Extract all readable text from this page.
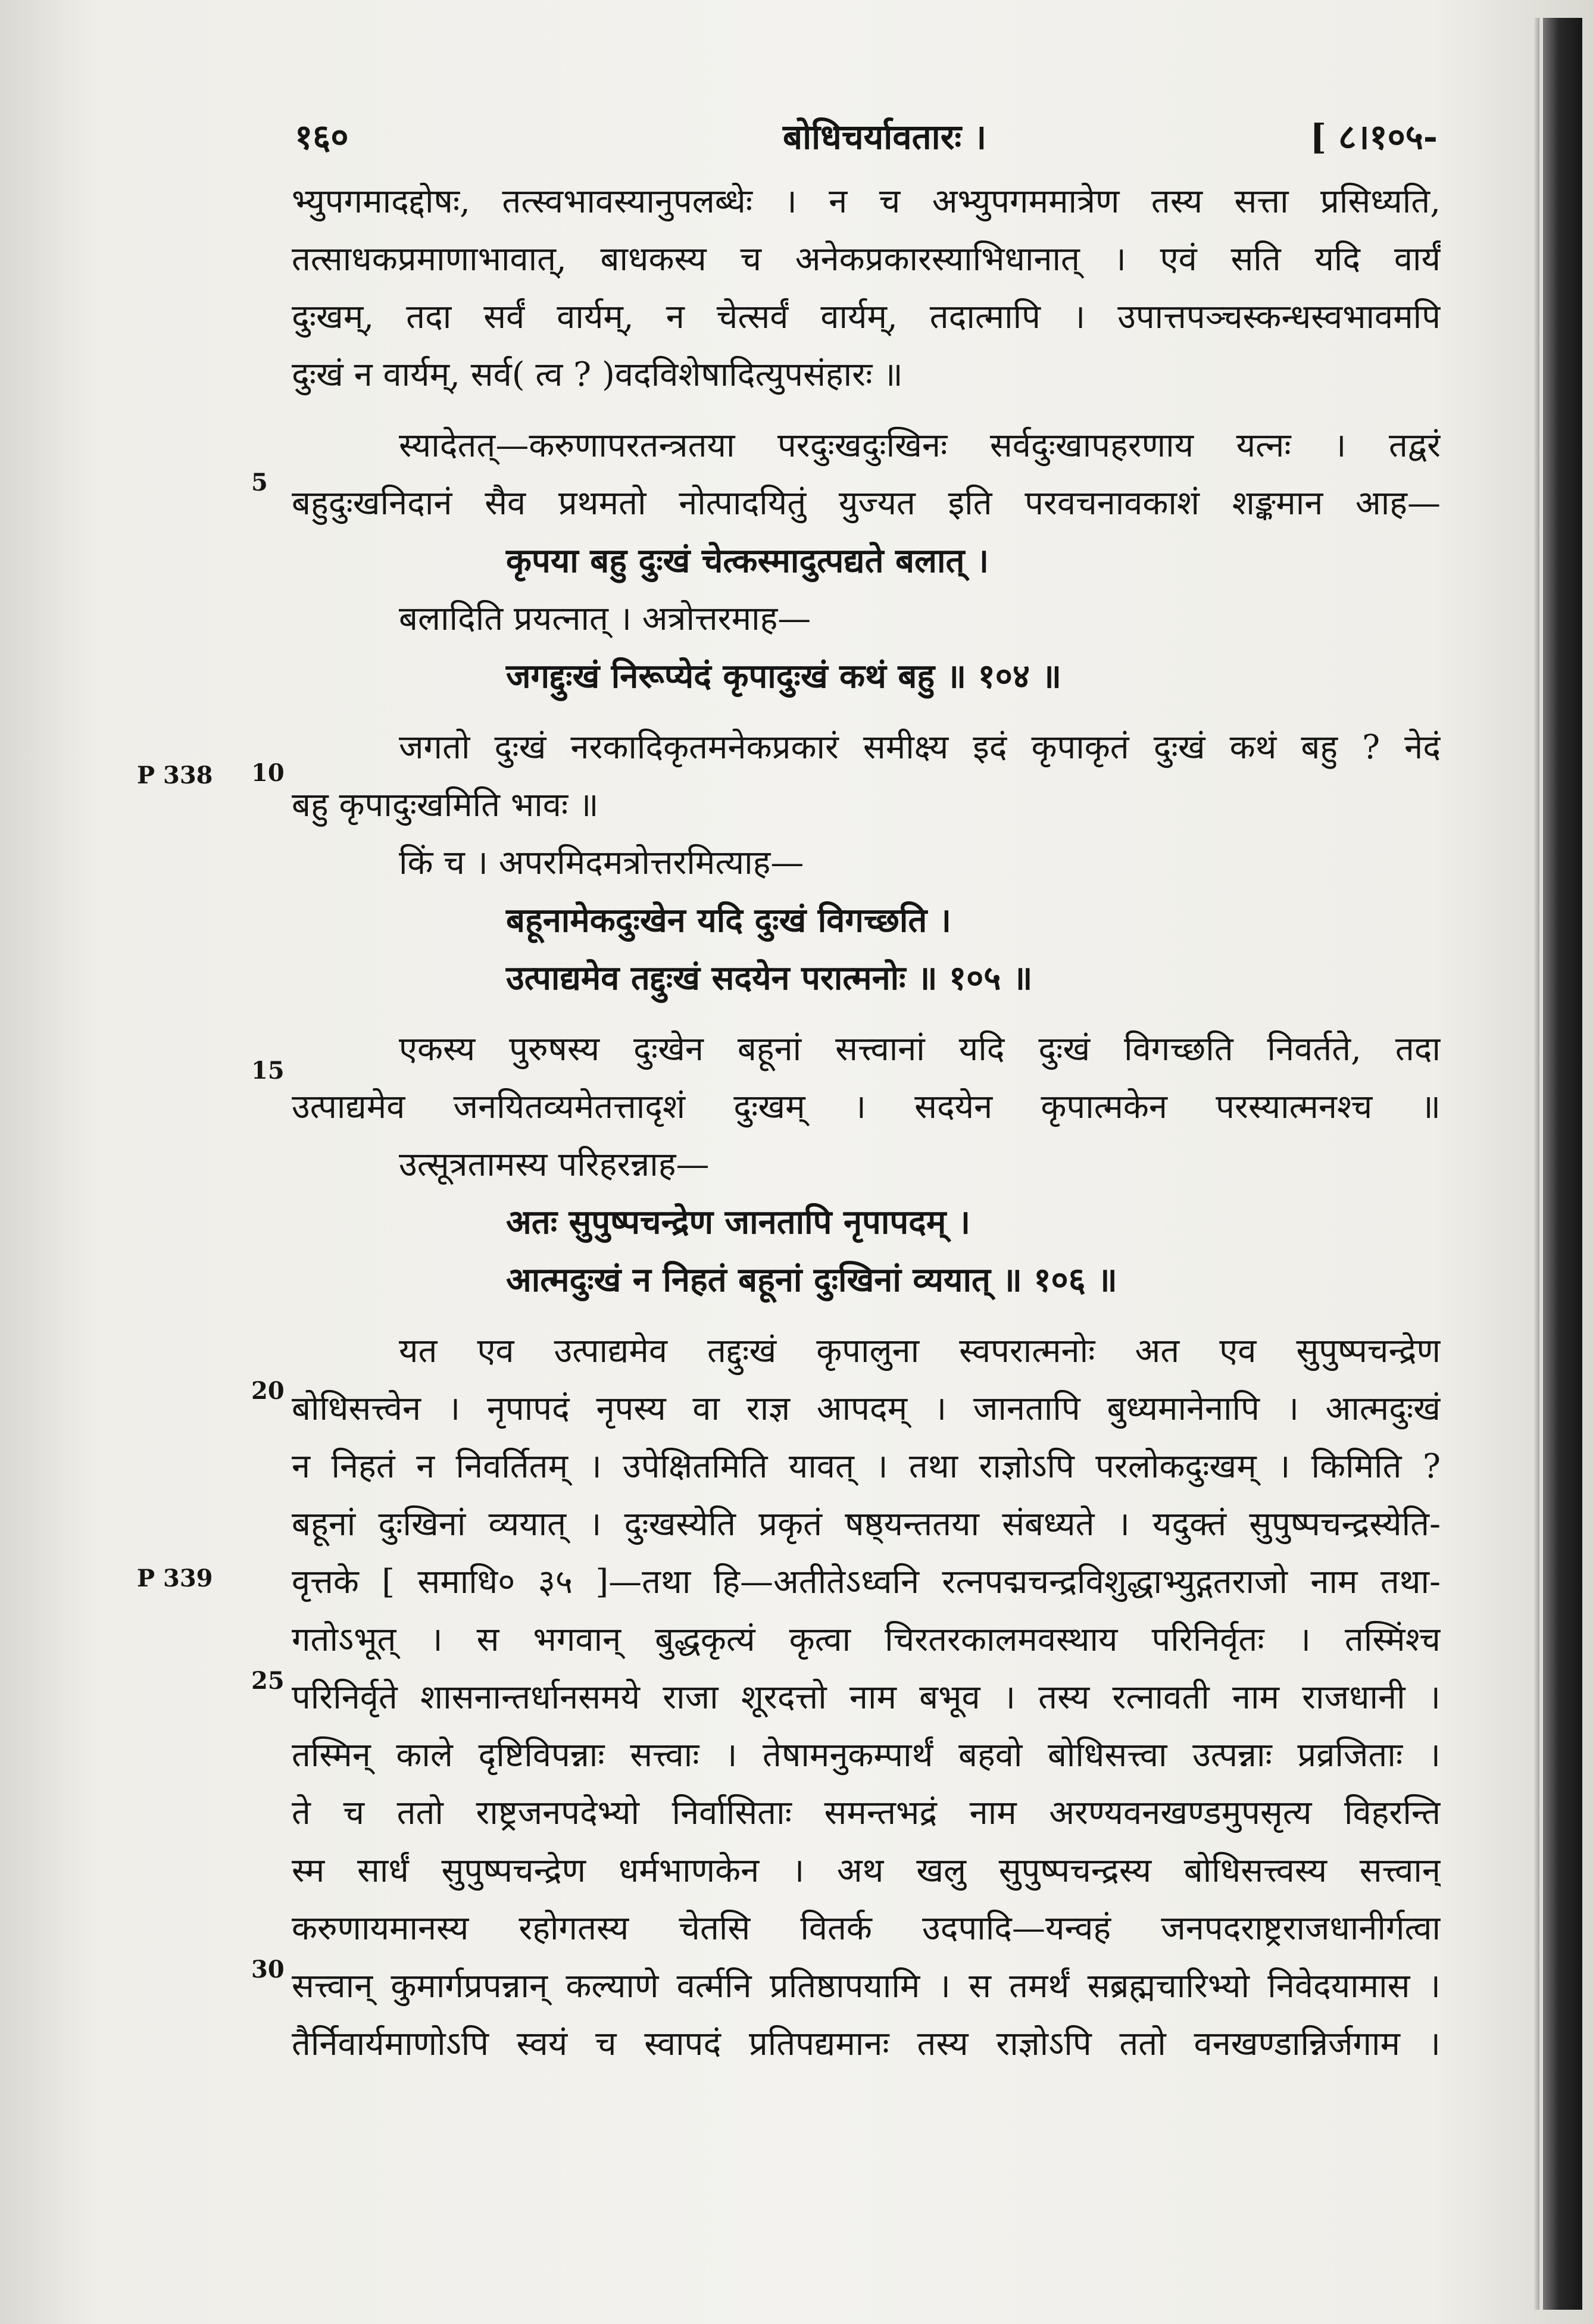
१६०	बोधिचर्यावतारः ।	[ ८।१०५-
5
P 338 10
15
20
P 339
25
30
भ्युपगमादद्दोषः, तत्स्वभावस्यानुपलब्धेः । न च अभ्युपगममात्रेण तस्य सत्ता प्रसिध्यति,
तत्साधकप्रमाणाभावात्, बाधकस्य च अनेकप्रकारस्याभिधानात् । एवं सति यदि वार्यं
दुःखम्, तदा सर्वं वार्यम्, न चेत्सर्वं वार्यम्, तदात्मापि । उपात्तपञ्चस्कन्धस्वभावमपि
दुःखं न वार्यम्, सर्व( त्व ? )वदविशेषादित्युपसंहारः ॥
स्यादेतत्—करुणापरतन्त्रतया परदुःखदुःखिनः सर्वदुःखापहरणाय यत्नः । तद्वरं
बहुदुःखनिदानं सैव प्रथमतो नोत्पादयितुं युज्यत इति परवचनावकाशं शङ्कमान आह—
कृपया बहु दुःखं चेत्कस्मादुत्पद्यते बलात् ।
बलादिति प्रयत्नात् । अत्रोत्तरमाह—
जगद्दुःखं निरूप्येदं कृपादुःखं कथं बहु ॥ १०४ ॥
जगतो दुःखं नरकादिकृतमनेकप्रकारं समीक्ष्य इदं कृपाकृतं दुःखं कथं बहु ? नेदं
बहु कृपादुःखमिति भावः ॥
किं च । अपरमिदमत्रोत्तरमित्याह—
बहूनामेकदुःखेन यदि दुःखं विगच्छति ।
उत्पाद्यमेव तद्दुःखं सदयेन परात्मनोः ॥ १०५ ॥
एकस्य पुरुषस्य दुःखेन बहूनां सत्त्वानां यदि दुःखं विगच्छति निवर्तते, तदा
उत्पाद्यमेव जनयितव्यमेतत्तादृशं दुःखम् । सदयेन कृपात्मकेन परस्यात्मनश्च ॥
उत्सूत्रतामस्य परिहरन्नाह—
अतः सुपुष्पचन्द्रेण जानतापि नृपापदम् ।
आत्मदुःखं न निहतं बहूनां दुःखिनां व्ययात् ॥ १०६ ॥
यत एव उत्पाद्यमेव तद्दुःखं कृपालुना स्वपरात्मनोः अत एव सुपुष्पचन्द्रेण
बोधिसत्त्वेन । नृपापदं नृपस्य वा राज्ञ आपदम् । जानतापि बुध्यमानेनापि । आत्मदुःखं
न निहतं न निवर्तितम् । उपेक्षितमिति यावत् । तथा राज्ञोऽपि परलोकदुःखम् । किमिति ?
बहूनां दुःखिनां व्ययात् । दुःखस्येति प्रकृतं षष्ठ्यन्ततया संबध्यते । यदुक्तं सुपुष्पचन्द्रस्येति-
वृत्तके [ समाधि० ३५ ]—तथा हि—अतीतेऽध्वनि रत्नपद्मचन्द्रविशुद्धाभ्युद्गतराजो नाम तथा-
गतोऽभूत् । स भगवान् बुद्धकृत्यं कृत्वा चिरतरकालमवस्थाय परिनिर्वृतः । तस्मिंश्च
परिनिर्वृते शासनान्तर्धानसमये राजा शूरदत्तो नाम बभूव । तस्य रत्नावती नाम राजधानी ।
तस्मिन् काले दृष्टिविपन्नाः सत्त्वाः । तेषामनुकम्पार्थं बहवो बोधिसत्त्वा उत्पन्नाः प्रव्रजिताः ।
ते च ततो राष्ट्रजनपदेभ्यो निर्वासिताः समन्तभद्रं नाम अरण्यवनखण्डमुपसृत्य विहरन्ति
स्म सार्धं सुपुष्पचन्द्रेण धर्मभाणकेन । अथ खलु सुपुष्पचन्द्रस्य बोधिसत्त्वस्य सत्त्वान्
करुणायमानस्य रहोगतस्य चेतसि वितर्क उदपादि—यन्वहं जनपदराष्ट्रराजधानीर्गत्वा
सत्त्वान् कुमार्गप्रपन्नान् कल्याणे वर्त्मनि प्रतिष्ठापयामि । स तमर्थं सब्रह्मचारिभ्यो निवेदयामास ।
तैर्निवार्यमाणोऽपि स्वयं च स्वापदं प्रतिपद्यमानः तस्य राज्ञोऽपि ततो वनखण्डान्निर्जगाम ।
